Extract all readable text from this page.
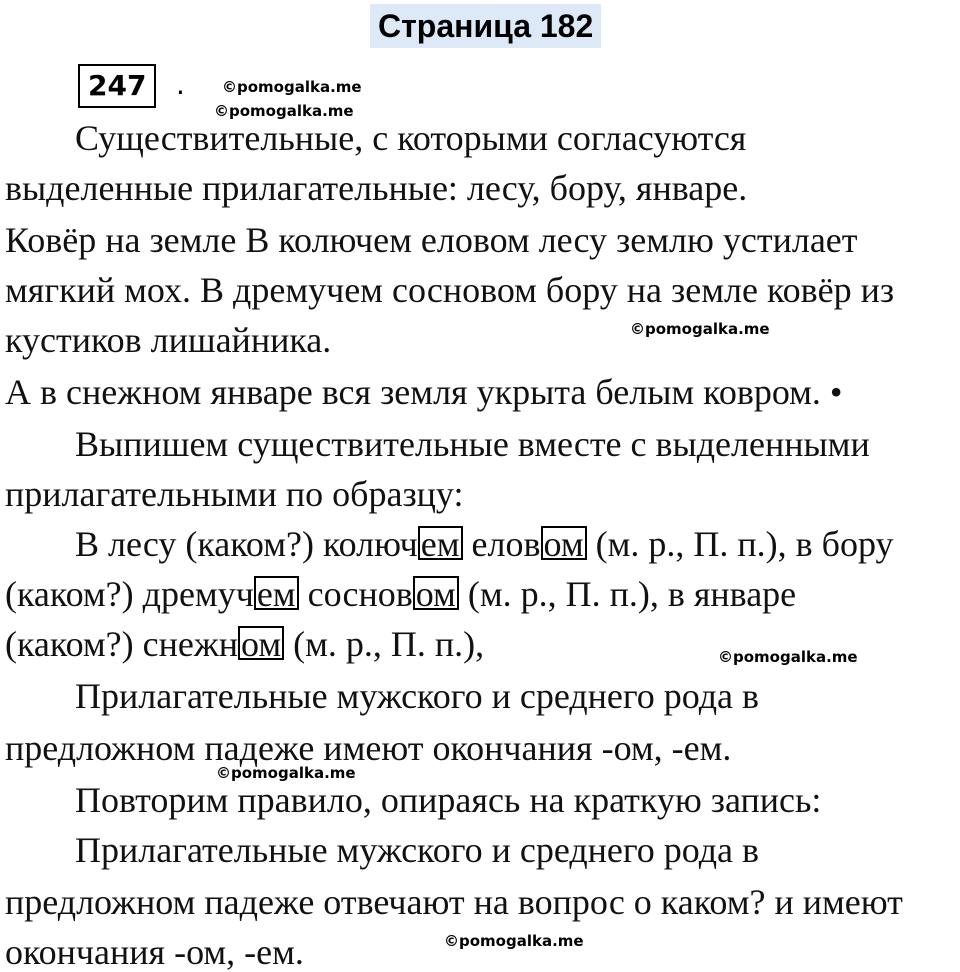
Страница 182
247	. ©pomogalka.me
©pomogalka.me
©pomogalka.me
©pomogalka.me
©pomogalka.me
©pomogalka.me
Существительные, с которыми согласуются
выделенные прилагательные: лесу, бору, январе.
Ковёр на земле В колючем еловом лесу землю устилает
мягкий мох. В дремучем сосновом бору на земле ковёр из
кустиков лишайника.
А в снежном январе вся земля укрыта белым ковром. •
Выпишем существительные вместе с выделенными
прилагательными по образцу:
В лесу (каком?) колючем еловом (м. р., П. п.), в бору
(каком?) дремучем сосновом (м. р., П. п.), в январе
(каком?) снежном (м. р., П. п.),
Прилагательные мужского и среднего рода в
предложном падеже имеют окончания -ом, -ем.
Повторим правило, опираясь на краткую запись:
Прилагательные мужского и среднего рода в
предложном падеже отвечают на вопрос о каком? и имеют
окончания -ом, -ем.
